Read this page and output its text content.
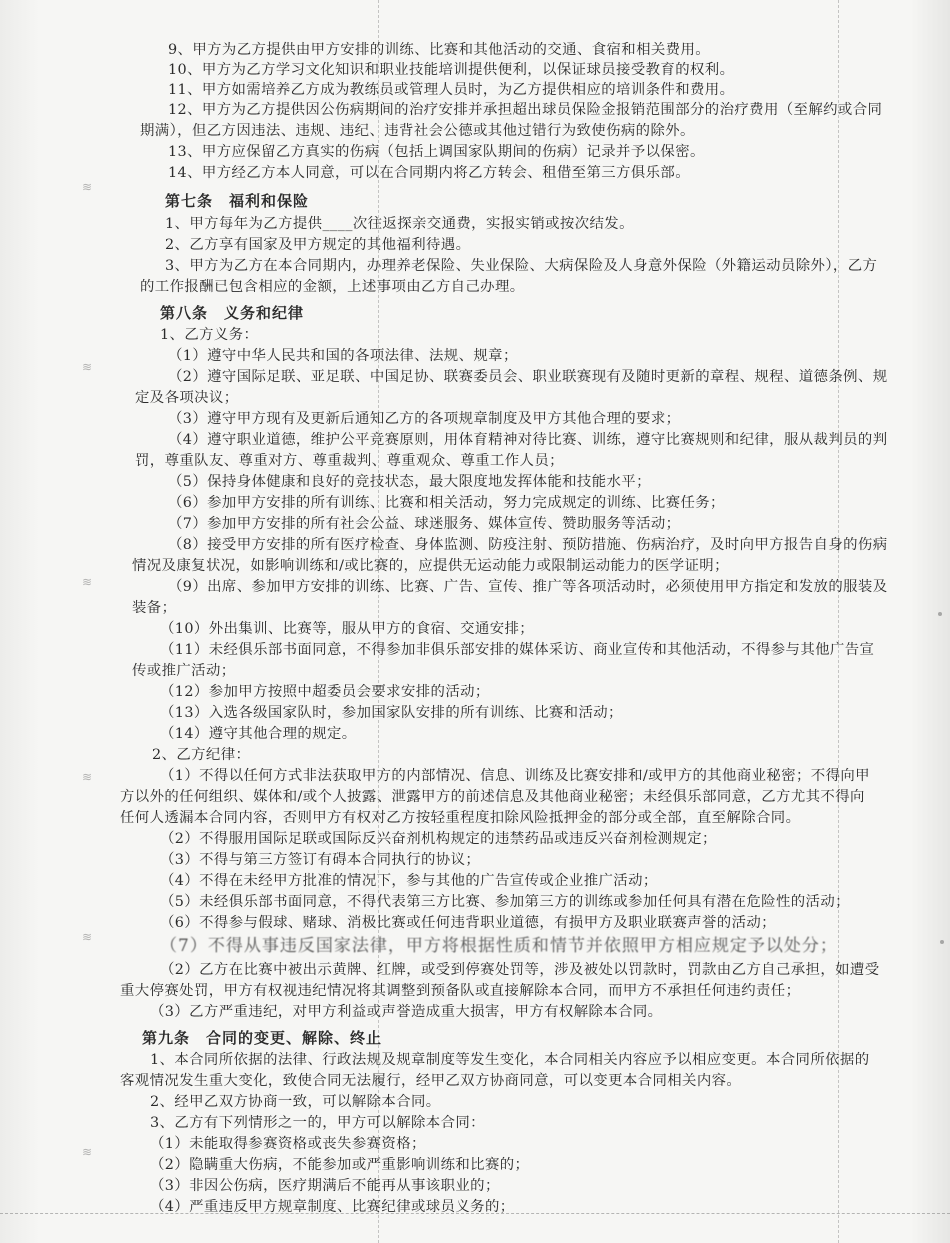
≋
≋
≋
≋
≋
≋
9、甲方为乙方提供由甲方安排的训练、比赛和其他活动的交通、食宿和相关费用。
10、甲方为乙方学习文化知识和职业技能培训提供便利，以保证球员接受教育的权利。
11、甲方如需培养乙方成为教练员或管理人员时，为乙方提供相应的培训条件和费用。
12、甲方为乙方提供因公伤病期间的治疗安排并承担超出球员保险金报销范围部分的治疗费用（至解约或合同
期满），但乙方因违法、违规、违纪、违背社会公德或其他过错行为致使伤病的除外。
13、甲方应保留乙方真实的伤病（包括上调国家队期间的伤病）记录并予以保密。
14、甲方经乙方本人同意，可以在合同期内将乙方转会、租借至第三方俱乐部。
第七条　福利和保险
1、甲方每年为乙方提供____次往返探亲交通费，实报实销或按次结发。
2、乙方享有国家及甲方规定的其他福利待遇。
3、甲方为乙方在本合同期内，办理养老保险、失业保险、大病保险及人身意外保险（外籍运动员除外），乙方
的工作报酬已包含相应的金额，上述事项由乙方自己办理。
第八条　义务和纪律
1、乙方义务：
（1）遵守中华人民共和国的各项法律、法规、规章；
（2）遵守国际足联、亚足联、中国足协、联赛委员会、职业联赛现有及随时更新的章程、规程、道德条例、规
定及各项决议；
（3）遵守甲方现有及更新后通知乙方的各项规章制度及甲方其他合理的要求；
（4）遵守职业道德，维护公平竞赛原则，用体育精神对待比赛、训练，遵守比赛规则和纪律，服从裁判员的判
罚，尊重队友、尊重对方、尊重裁判、尊重观众、尊重工作人员；
（5）保持身体健康和良好的竞技状态，最大限度地发挥体能和技能水平；
（6）参加甲方安排的所有训练、比赛和相关活动，努力完成规定的训练、比赛任务；
（7）参加甲方安排的所有社会公益、球迷服务、媒体宣传、赞助服务等活动；
（8）接受甲方安排的所有医疗检查、身体监测、防疫注射、预防措施、伤病治疗，及时向甲方报告自身的伤病
情况及康复状况，如影响训练和/或比赛的，应提供无运动能力或限制运动能力的医学证明；
（9）出席、参加甲方安排的训练、比赛、广告、宣传、推广等各项活动时，必须使用甲方指定和发放的服装及
装备；
（10）外出集训、比赛等，服从甲方的食宿、交通安排；
（11）未经俱乐部书面同意，不得参加非俱乐部安排的媒体采访、商业宣传和其他活动，不得参与其他广告宣
传或推广活动；
（12）参加甲方按照中超委员会要求安排的活动；
（13）入选各级国家队时，参加国家队安排的所有训练、比赛和活动；
（14）遵守其他合理的规定。
2、乙方纪律：
（1）不得以任何方式非法获取甲方的内部情况、信息、训练及比赛安排和/或甲方的其他商业秘密；不得向甲
方以外的任何组织、媒体和/或个人披露、泄露甲方的前述信息及其他商业秘密；未经俱乐部同意，乙方尤其不得向
任何人透漏本合同内容，否则甲方有权对乙方按轻重程度扣除风险抵押金的部分或全部，直至解除合同。
（2）不得服用国际足联或国际反兴奋剂机构规定的违禁药品或违反兴奋剂检测规定；
（3）不得与第三方签订有碍本合同执行的协议；
（4）不得在未经甲方批准的情况下，参与其他的广告宣传或企业推广活动；
（5）未经俱乐部书面同意，不得代表第三方比赛、参加第三方的训练或参加任何具有潜在危险性的活动；
（6）不得参与假球、赌球、消极比赛或任何违背职业道德，有损甲方及职业联赛声誉的活动；
（7）不得从事违反国家法律，甲方将根据性质和情节并依照甲方相应规定予以处分；
（2）乙方在比赛中被出示黄牌、红牌，或受到停赛处罚等，涉及被处以罚款时，罚款由乙方自己承担，如遭受
重大停赛处罚，甲方有权视违纪情况将其调整到预备队或直接解除本合同，而甲方不承担任何违约责任；
（3）乙方严重违纪，对甲方利益或声誉造成重大损害，甲方有权解除本合同。
第九条　合同的变更、解除、终止
1、本合同所依据的法律、行政法规及规章制度等发生变化，本合同相关内容应予以相应变更。本合同所依据的
客观情况发生重大变化，致使合同无法履行，经甲乙双方协商同意，可以变更本合同相关内容。
2、经甲乙双方协商一致，可以解除本合同。
3、乙方有下列情形之一的，甲方可以解除本合同：
（1）未能取得参赛资格或丧失参赛资格；
（2）隐瞒重大伤病，不能参加或严重影响训练和比赛的；
（3）非因公伤病，医疗期满后不能再从事该职业的；
（4）严重违反甲方规章制度、比赛纪律或球员义务的；
